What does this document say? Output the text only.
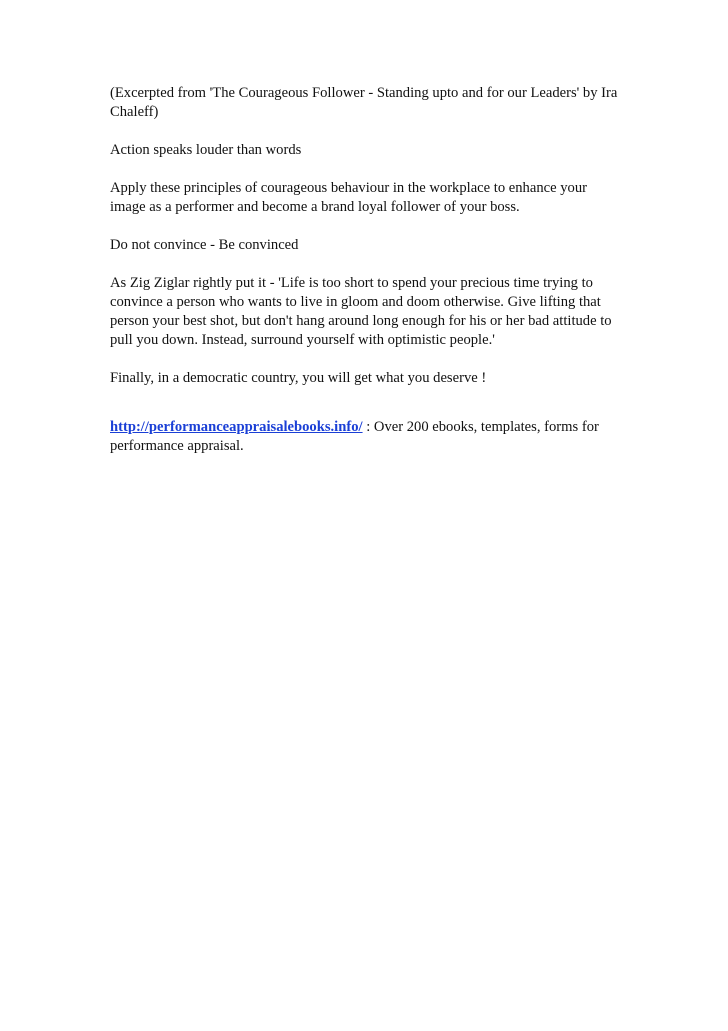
(Excerpted from 'The Courageous Follower - Standing upto and for our Leaders' by Ira Chaleff)

Action speaks louder than words

Apply these principles of courageous behaviour in the workplace to enhance your image as a performer and become a brand loyal follower of your boss.

Do not convince - Be convinced

As Zig Ziglar rightly put it - 'Life is too short to spend your precious time trying to convince a person who wants to live in gloom and doom otherwise. Give lifting that person your best shot, but don't hang around long enough for his or her bad attitude to pull you down. Instead, surround yourself with optimistic people.'

Finally, in a democratic country, you will get what you deserve !

http://performanceappraisalebooks.info/ : Over 200 ebooks, templates, forms for performance appraisal.
